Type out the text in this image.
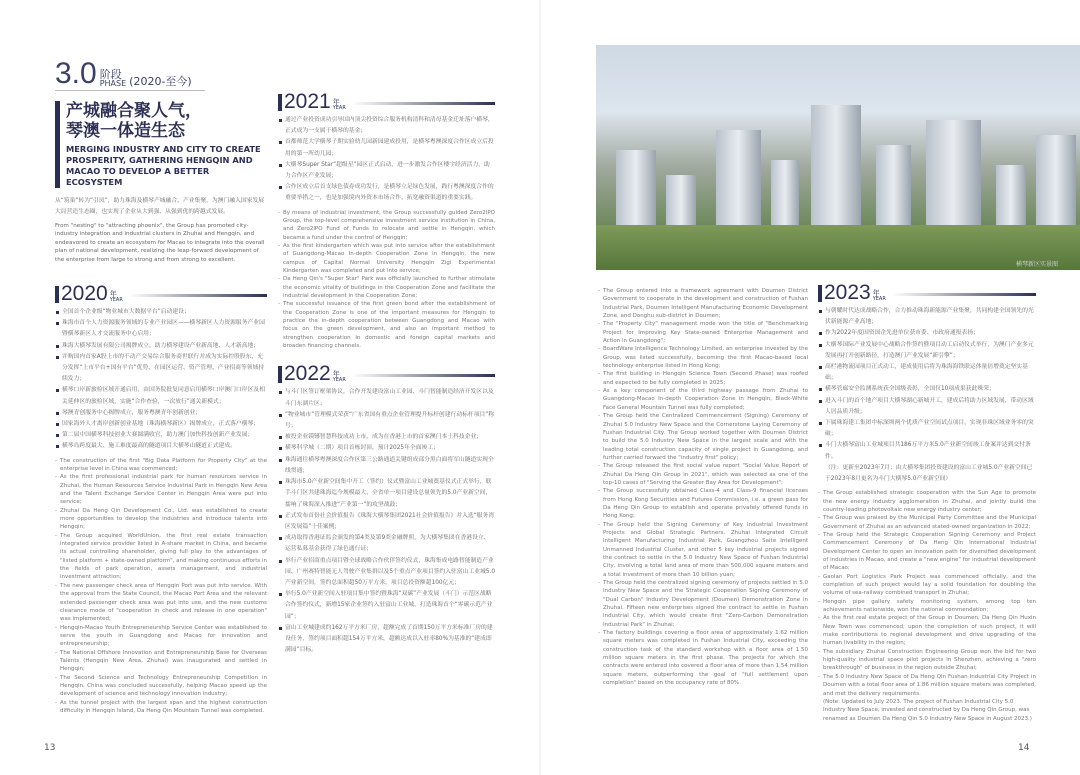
3.0 阶段
PHASE (2020-至今)
产城融合聚人气，
琴澳一体造生态
MERGING INDUSTRY AND CITY TO CREATE PROSPERITY, GATHERING HENGQIN AND MACAO TO DEVELOP A BETTER ECOSYSTEM
从“筑巢”转为“引凤”，助力珠海及横琴产城融合、产业集聚，为澳门融入国家发展大局营造生态圈，也实现了企业从大到强、从强到优的跨越式发展。
From "nesting" to "attracting phoenix", the Group has promoted city-industry integration and industrial clusters in Zhuhai and Hengqin, and endeavored to create an ecosystem for Macao to integrate into the overall plan of national development, realizing the leap-forward development of the enterprise from large to strong and from strong to excellent.
2020 年
YEAR
全国首个企业级“物业城市大数据平台”启动建设；
珠海市首个人力资源服务领域的专业产业园区——横琴新区人力资源服务产业园暨横琴新区人才交流服务中心启用；
珠海大横琴发展有限公司揭牌成立，助力横琴建设产业新高地、人才新高地；
并购国内首家A股上市的不动产交易综合服务商世联行并成为实际控股股东，充分发挥“上市平台+国有平台”优势，在园区运营、资产管理、产业招商等领域持续发力；
横琴口岸新旅检区域开通启用，由国务院批复同意启用横琴口岸澳门口岸区及相关延伸区的旅检区域，实施“合作查验，一次放行”通关新模式；
琴澳青创服务中心揭牌成立，服务粤澳青年创新创业；
国家海外人才离岸创新创业基地（珠海横琴新区）揭牌成立，正式落户横琴；
第二届中国横琴科技创业大赛圆满收官，助力澳门加快科技创新产业发展；
横琴岛跨度最大、施工难度最高的隧道项目大横琴山隧道正式建成。
- The construction of the first "Big Data Platform for Property City" at the enterprise level in China was commenced;
- As the first professional industrial park for human resources service in Zhuhai, the Human Resources Service Industrial Park in Hengqin New Area and the Talent Exchange Service Center in Hengqin Area were put into service;
- Zhuhai Da Heng Qin Development Co., Ltd. was established to create more opportunities to develop the industries and introduce talents into Hengqin;
- The Group acquired WorldUnion, the first real estate transaction integrated service provider listed in A-share market in China, and became its actual controlling shareholder, giving full play to the advantages of "listed platform + state-owned platform", and making continuous efforts in the fields of park operation, assets management, and industrial investment attraction;
- The new passenger check area of Hengqin Port was put into service. With the approval from the State Council, the Macao Port Area and the relevant extended passenger check area was put into use, and the new customs clearance mode of "cooperation in check and release in one operation" was implemented;
- Hengqin-Macao Youth Entrepreneurship Service Center was established to serve the youth in Guangdong and Macao for innovation and entrepreneurship;
- The National Offshore Innovation and Entrepreneurship Base for Overseas Talents (Hengqin New Area, Zhuhai) was inaugurated and settled in Hengqin;
- The Second Science and Technology Entrepreneurship Competition in Hengqin, China was concluded successfully, helping Macao speed up the development of science and technology innovation industry;
- As the tunnel project with the largest span and the highest construction difficulty in Hengqin Island, Da Heng Qin Mountain Tunnel was completed.
2021 年
YEAR
通过产业投资成功引导国内顶尖投资综合服务机构清科和清母基金迁址落户横琴，正式成为一支属于横琴的基金；
首都师范大学横琴子期实验幼儿园新园建成投用，是横琴粤澳深度合作区成立后投用的第一所幼儿园；
大横琴Super Star“超级星”园区正式启动，进一步激发合作区楼宇经济活力，助力合作区产业发展；
合作区成立后首支绿色债券成功发行，是横琴立足绿色发展，践行粤澳深度合作的重要举措之一，也是加强境内外资本市场合作、拓宽融资渠道的重要实践。
- By means of industrial investment, the Group successfully guided Zero2IPO Group, the top-level comprehensive investment service institution in China, and Zero2IPO Fund of Funds to relocate and settle in Hengqin, which became a fund under the control of Hengqin;
- As the first kindergarten which was put into service after the establishment of Guangdong-Macao In-depth Cooperation Zone in Hengqin, the new campus of Capital Normal University Hengqin Zigi Experimental Kindergarten was completed and put into service;
- Da Heng Qin's "Super Star" Park was officially launched to further stimulate the economic vitality of buildings in the Cooperation Zone and facilitate the industrial development in the Cooperation Zone;
- The successful issuance of the first green bond after the establishment of the Cooperation Zone is one of the important measures for Hengqin to practice the in-depth cooperation between Guangdong and Macao with focus on the green development, and also an important method to strengthen cooperation in domestic and foreign capital markets and broaden financing channels.
2022 年
YEAR
与斗门区签订框架协议，合作开发建设富山工业园、斗门智能制造经济开发区以及斗门东湖片区；
“物业城市”管理模式荣获“广东省国有重点企业管理提升标杆创建行动标杆项目”称号；
被投企业镆铘智慧科技成功上市，成为在香港上市的首家澳门本土科技企业；
横琴科学城（二期）项目首栋封顶，预计2025年全面竣工；
珠海通往横琴粤澳深度合作区第三公路通道关键组成部分黑白面将军山隧道实现全线贯通；
珠海市5.0产业新空间集中开工（签约）仪式暨富山工业城奠基仪式正式举行，联手斗门区共建珠海迄今规模最大、全省单一项目建设总量领先的5.0产业新空间，擂响了珠海深入推进“产业第一”的攻坚战鼓；
正式发布首份社会价值报告《珠海大横琴集团2021社会价值报告》并入选“服务湾区发展篇”十佳案例；
成功取得香港证监会颁发的第4类及第9类金融牌照，为大横琴集团在香港设立、运营私募基金获得了绿色通行证；
举行产业招商重点项目暨全球战略合作伙伴签约仪式，珠海集成电路智能制造产业园、广州赛特智能无人驾驶产业集群以及5个重点产业项目签约入驻富山工业城5.0产业新空间，签约总面积超50万平方米，项目总投资额超100亿元；
举行5.0产业新空间入驻项目集中签约暨珠海“双碳”产业发展（斗门）示范区战略合作签约仪式，新增15家企业签约入驻富山工业城，打造珠海首个“零碳示范产业园”；
富山工业城建成约162万平方米厂房，超额完成了首期150万平方米标准厂房的建设任务，签约项目面积超154万平方米，超额达成以入驻率80%为基准的“建成即满园”目标。
13
横琴新区实景图
- The Group entered into a framework agreement with Doumen District Government to cooperate in the development and construction of Fushan Industrial Park, Doumen Intelligent Manufacturing Economic Development Zone, and Donghu sub-district in Doumen;
- The "Property City" management mode won the title of "Benchmarking Project for Improving Key State-owned Enterprise Management and Action in Guangdong";
- BoardWare Intelligence Technology Limited, an enterprise invested by the Group, was listed successfully, becoming the first Macao-based local technology enterprise listed in Hong Kong;
- The first building in Hengqin Science Town (Second Phase) was roofed and expected to be fully completed in 2025;
- As a key component of the third highway passage from Zhuhai to Guangdong-Macao In-depth Cooperation Zone in Hengqin, Black-White Face General Mountain Tunnel was fully completed;
- The Group held the Centralized Commencement (Signing) Ceremony of Zhuhai 5.0 Industry New Space and the Cornerstone Laying Ceremony of Fushan Industrial City. The Group worked together with Doumen District to build the 5.0 Industry New Space in the largest scale and with the leading total construction capacity of single project in Guangdong, and further carried forward the "industry first" policy;
- The Group released the first social value report "Social Value Report of Zhuhai Da Heng Qin Group in 2021", which was selected as one of the top-10 cases of "Serving the Greater Bay Area for Development";
- The Group successfully obtained Class-4 and Class-9 financial licenses from Hong Kong Securities and Futures Commission, i.e. a green pass for Da Heng Qin Group to establish and operate privately offered funds in Hong Kong;
- The Group held the Signing Ceremony of Key Industrial Investment Projects and Global Strategic Partners. Zhuhai Integrated Circuit Intelligent Manufacturing Industrial Park, Guangzhou Saite Intelligent Unmanned Industrial Cluster, and other 5 key industrial projects signed the contract to settle in the 5.0 Industry New Space of Fushan Industrial City, involving a total land area of more than 500,000 square meters and a total investment of more than 10 billion yuan;
- The Group held the centralized signing ceremony of projects settled in 5.0 Industry New Space and the Strategic Cooperation Signing Ceremony of "Dual Carbon" Industry Development (Doumen) Demonstration Zone in Zhuhai. Fifteen new enterprises signed the contract to settle in Fushan Industrial City, which would create first "Zero-Carbon Demonstration Industrial Park" in Zhuhai;
- The factory buildings covering a floor area of approximately 1.62 million square meters was completed in Fushan Industrial City, exceeding the construction task of the standard workshop with a floor area of 1.50 million square meters in the first phase. The projects for which the contracts were entered into covered a floor area of more than 1.54 million square meters, outperforming the goal of "full settlement upon completion" based on the occupancy rate of 80%.
2023 年
YEAR
与朝耀时代达成战略合作，合力推动珠海新能源产业集聚，共同构建全国领先的光伏新能源产业高地；
作为2022年度国资国企先进单位获市委、市政府通报表扬；
大横琴国际产业发展中心战略合作签约暨项目动工启动仪式举行，为澳门产业多元发展再打开创新路径，打造澳门产业发展“新引擎”；
高栏港物流园项目正式动工，建成使用后将为珠海海铁联运体量倍增奠定坚实基础；
横琴管廊安全监测系统获全国级表彰，全国仅10项成果获此殊荣；
进入斗门的首个地产项目大横琴湖心新城开工，建成后将助力区域发展，带动区域人居品质升级；
下属珠海建工集团中标深圳两个优质产业空间试点项目，实现非珠区域业务零的突破；
斗门大横琴富山工业城项目共186万平方米5.0产业新空间竣工备案并达到交付条件。
（注：更新至2023年7月；由大横琴集团投资建设的富山工业城5.0产业新空间已于2023年8月更名为斗门大横琴5.0产业新空间）
- The Group established strategic cooperation with the Sun Age to promote the new energy industry agglomeration in Zhuhai, and jointly build the country-leading photovoltaic new energy industry center;
- The Group was praised by the Municipal Party Committee and the Municipal Government of Zhuhai as an advanced stated-owned organization in 2022;
- The Group held the Strategic Cooperation Signing Ceremony and Project Commencement Ceremony of Da Heng Qin International Industrial Development Center to open an innovation path for diversified development of industries in Macao, and create a "new engine" for industrial development of Macao;
- Gaolan Port Logistics Park Project was commenced officially, and the completion of such project would lay a solid foundation for doubling the volume of sea-railway combined transport in Zhuhai;
- Hengqin pipe gallery safety monitoring system, among top ten achievements nationwide, won the national commendation;
- As the first real estate project of the Group in Doumen, Da Heng Qin Huxin New Town was commenced; upon the completion of such project, it will make contributions to regional development and drive upgrading of the human livability in the region;
- The subsidiary Zhuhai Construction Engineering Group won the bid for two high-quality industrial space pilot projects in Shenzhen, achieving a "zero breakthrough" of business in the region outside Zhuhai;
- The 5.0 Industry New Space of Da Heng Qin Fushan Industrial City Project in Doumen with a total floor area of 1.86 million square meters was completed, and met the delivery requirements.
(Note: Updated to July 2023. The project of Fushan Industrial City 5.0 Industry New Space, invested and constructed by Da Heng Qin Group, was renamed as Doumen Da Heng Qin 5.0 Industry New Space in August 2023.)
14
